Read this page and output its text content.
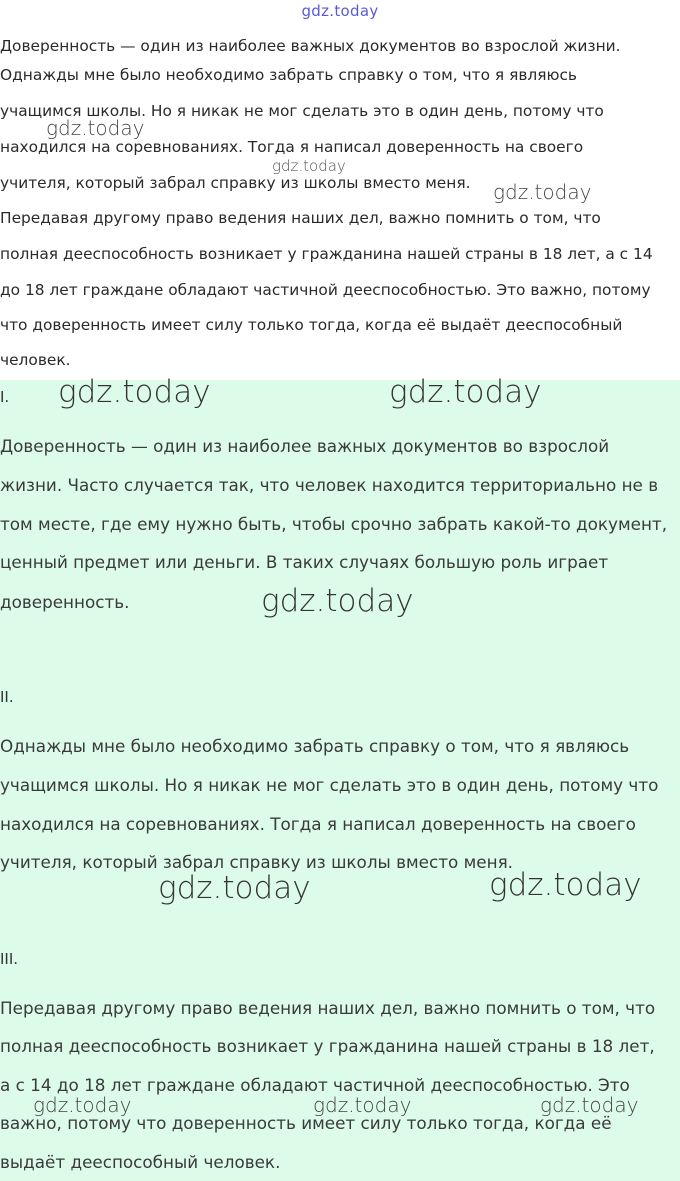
gdz.today

Доверенность — один из наиболее важных документов во взрослой жизни.

Однажды мне было необходимо забрать справку о том, что я являюсь

учащимся школы. Но я никак не мог сделать это в один день, потому что

находился на соревнованиях. Тогда я написал доверенность на своего

учителя, который забрал справку из школы вместо меня.

Передавая другому право ведения наших дел, важно помнить о том, что

полная дееспособность возникает у гражданина нашей страны в 18 лет, а с 14

до 18 лет граждане обладают частичной дееспособностью. Это важно, потому

что доверенность имеет силу только тогда, когда её выдаёт дееспособный

человек.

I.

Доверенность — один из наиболее важных документов во взрослой

жизни. Часто случается так, что человек находится территориально не в

том месте, где ему нужно быть, чтобы срочно забрать какой-то документ,

ценный предмет или деньги. В таких случаях большую роль играет

доверенность.

II.

Однажды мне было необходимо забрать справку о том, что я являюсь

учащимся школы. Но я никак не мог сделать это в один день, потому что

находился на соревнованиях. Тогда я написал доверенность на своего

учителя, который забрал справку из школы вместо меня.

III.

Передавая другому право ведения наших дел, важно помнить о том, что

полная дееспособность возникает у гражданина нашей страны в 18 лет,

а с 14 до 18 лет граждане обладают частичной дееспособностью. Это

важно, потому что доверенность имеет силу только тогда, когда её

выдаёт дееспособный человек.

gdz.today
gdz.today
gdz.today
gdz.today	gdz.today
gdz.today
gdz.today	gdz.today
gdz.today	gdz.today	gdz.today
